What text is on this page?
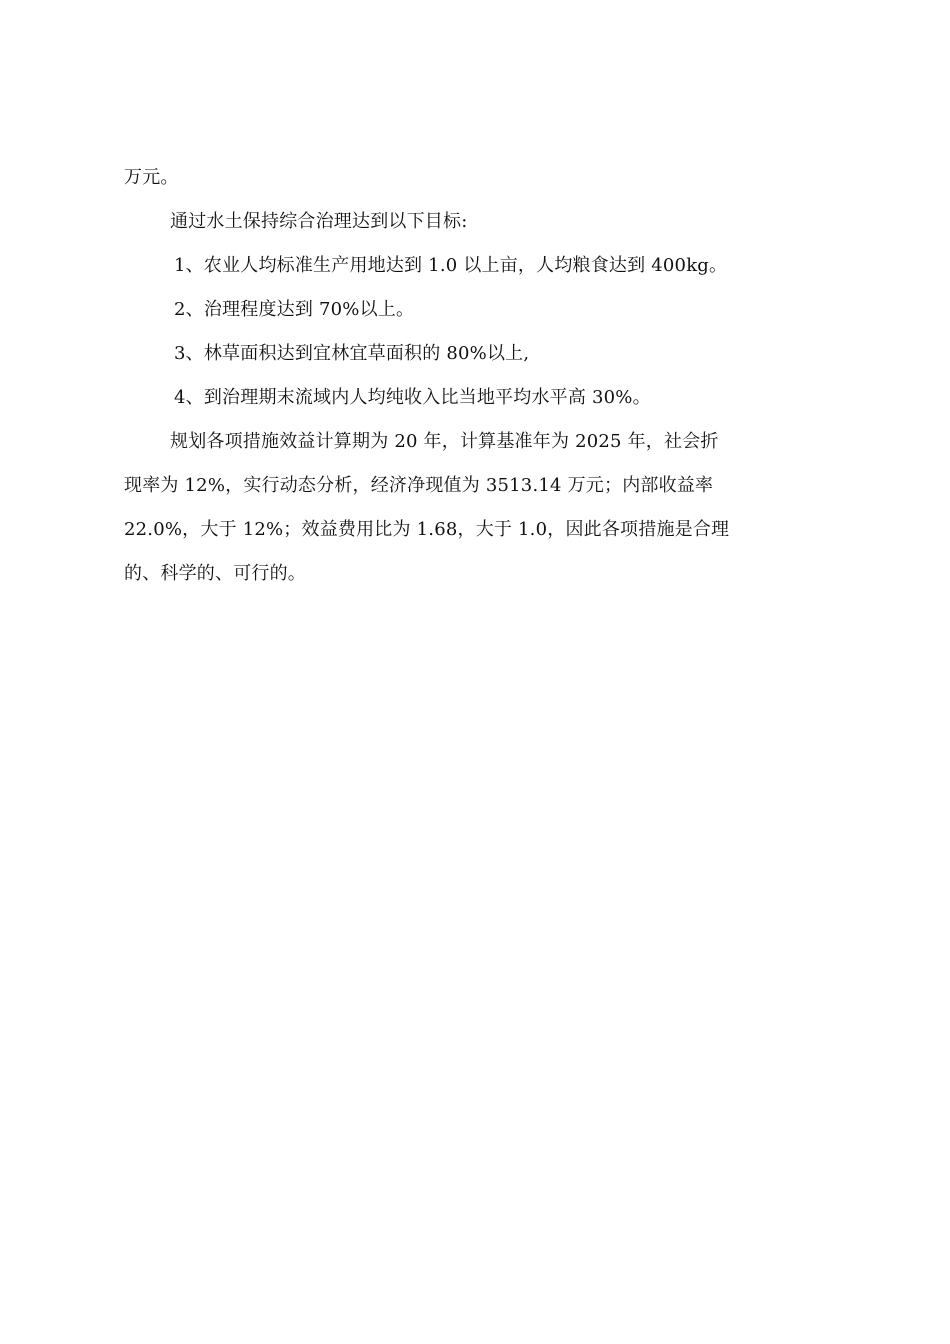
万元。
通过水土保持综合治理达到以下目标:
1、农业人均标准生产用地达到 1.0 以上亩，人均粮食达到 400kg。
2、治理程度达到 70%以上。
3、林草面积达到宜林宜草面积的 80%以上,
4、到治理期末流域内人均纯收入比当地平均水平高 30%。
规划各项措施效益计算期为 20 年，计算基准年为 2025 年，社会折
现率为 12%，实行动态分析，经济净现值为 3513.14 万元；内部收益率
22.0%，大于 12%；效益费用比为 1.68，大于 1.0，因此各项措施是合理
的、科学的、可行的。
